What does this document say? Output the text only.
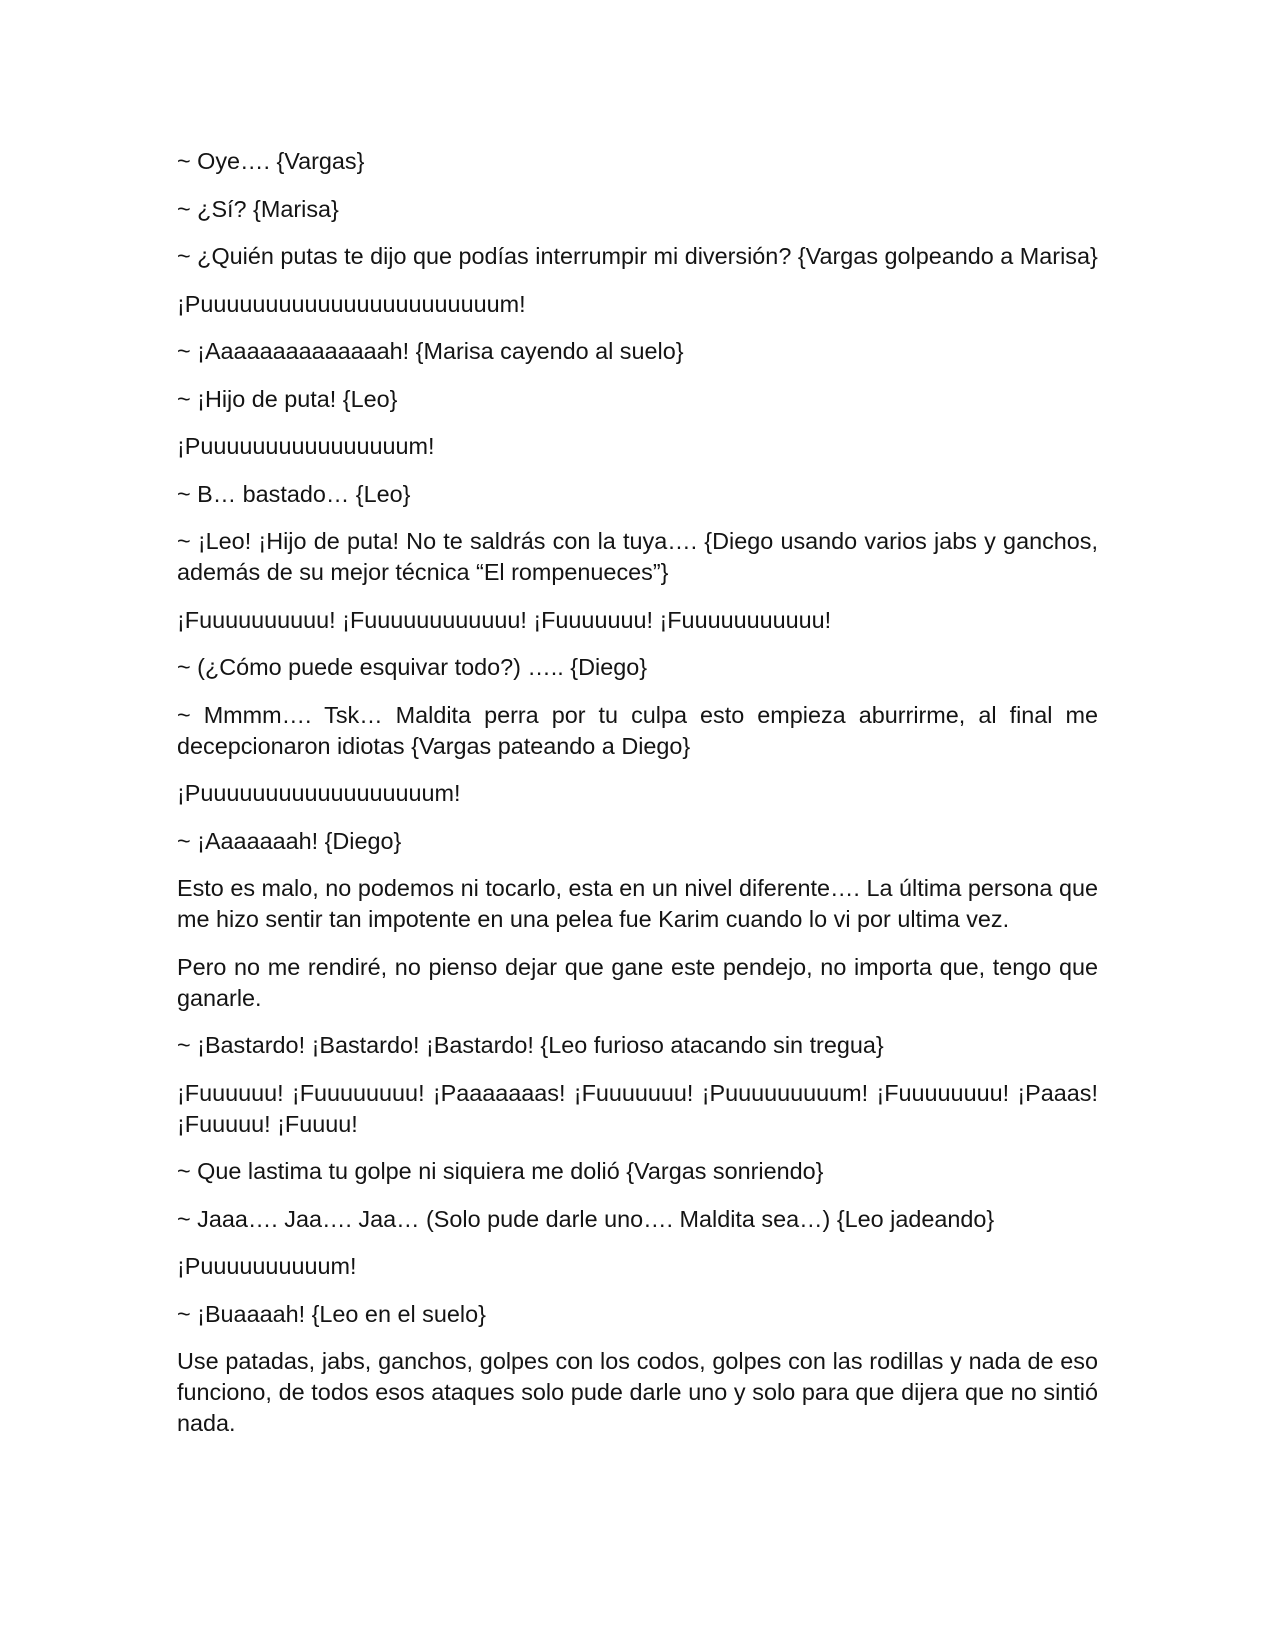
~ Oye…. {Vargas}

~ ¿Sí? {Marisa}

~ ¿Quién putas te dijo que podías interrumpir mi diversión? {Vargas golpeando a Marisa}

¡Puuuuuuuuuuuuuuuuuuuuuuum!

~ ¡Aaaaaaaaaaaaaah! {Marisa cayendo al suelo}

~ ¡Hijo de puta! {Leo}

¡Puuuuuuuuuuuuuuuum!

~ B… bastado… {Leo}

~ ¡Leo! ¡Hijo de puta! No te saldrás con la tuya…. {Diego usando varios jabs y ganchos, además de su mejor técnica “El rompenueces”}

¡Fuuuuuuuuuu! ¡Fuuuuuuuuuuuu! ¡Fuuuuuuu! ¡Fuuuuuuuuuuu!

~ (¿Cómo puede esquivar todo?) ….. {Diego}

~ Mmmm…. Tsk… Maldita perra por tu culpa esto empieza aburrirme, al final me decepcionaron idiotas {Vargas pateando a Diego}

¡Puuuuuuuuuuuuuuuuuum!

~ ¡Aaaaaaah! {Diego}

Esto es malo, no podemos ni tocarlo, esta en un nivel diferente…. La última persona que me hizo sentir tan impotente en una pelea fue Karim cuando lo vi por ultima vez.

Pero no me rendiré, no pienso dejar que gane este pendejo, no importa que, tengo que ganarle.

~ ¡Bastardo! ¡Bastardo! ¡Bastardo! {Leo furioso atacando sin tregua}

¡Fuuuuuu! ¡Fuuuuuuuu! ¡Paaaaaaas! ¡Fuuuuuuu! ¡Puuuuuuuuum! ¡Fuuuuuuuu! ¡Paaas! ¡Fuuuuu! ¡Fuuuu!

~ Que lastima tu golpe ni siquiera me dolió {Vargas sonriendo}

~ Jaaa…. Jaa…. Jaa… (Solo pude darle uno…. Maldita sea…) {Leo jadeando}

¡Puuuuuuuuuum!

~ ¡Buaaaah! {Leo en el suelo}

Use patadas, jabs, ganchos, golpes con los codos, golpes con las rodillas y nada de eso funciono, de todos esos ataques solo pude darle uno y solo para que dijera que no sintió nada.
